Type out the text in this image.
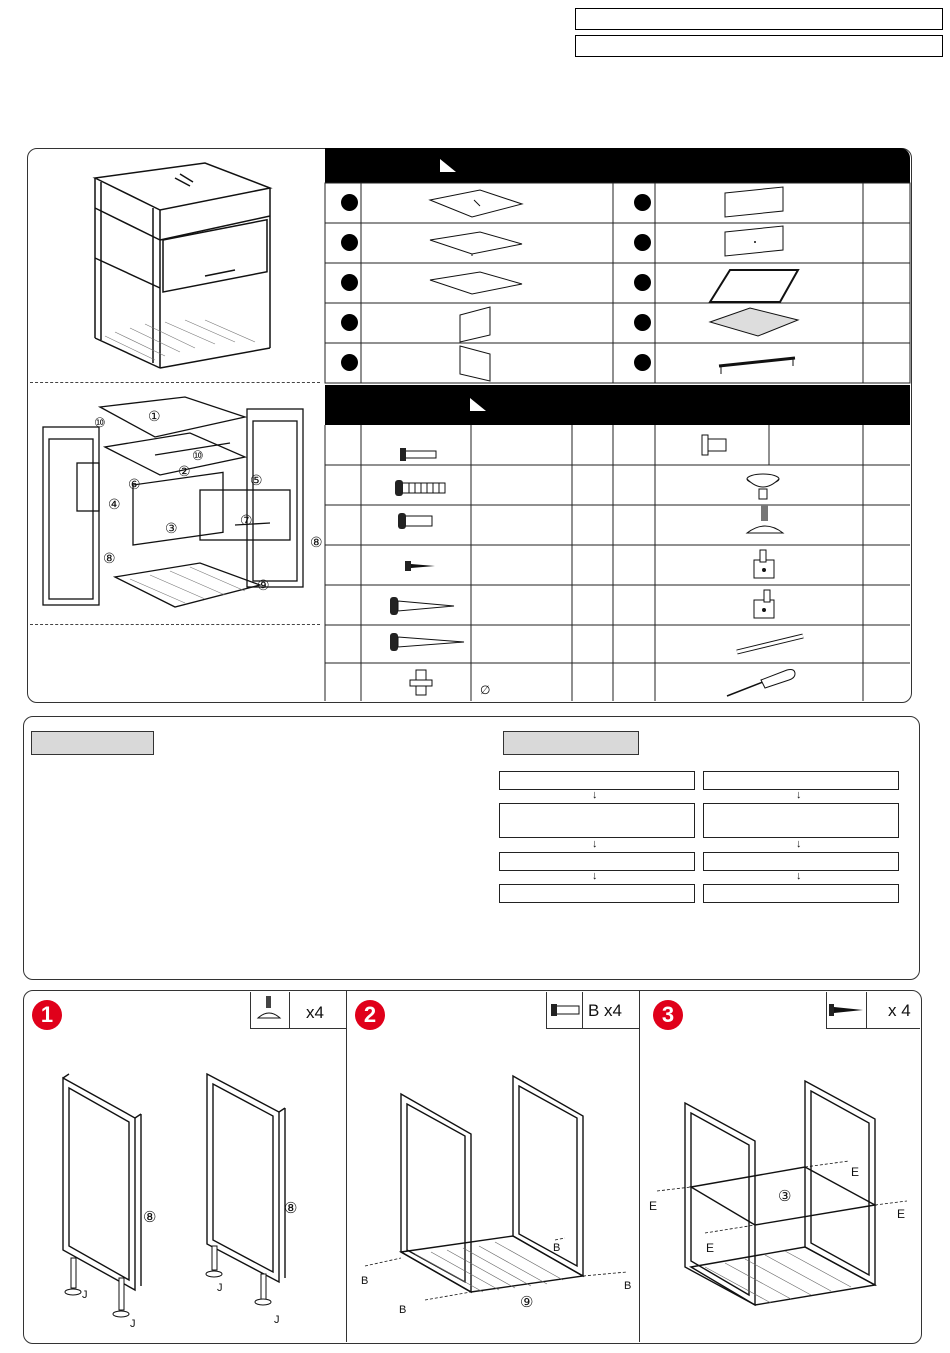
①
②
③
④
⑤
⑥
⑦
⑧
⑧
⑨
⑩
⑩
∅
↓
↓
↓
↓
↓
↓
1	x4
⑧
⑧
J
J
J
J
2	B x4
⑨
B
B
B
B
3	x 4
③
E
E
E
E
